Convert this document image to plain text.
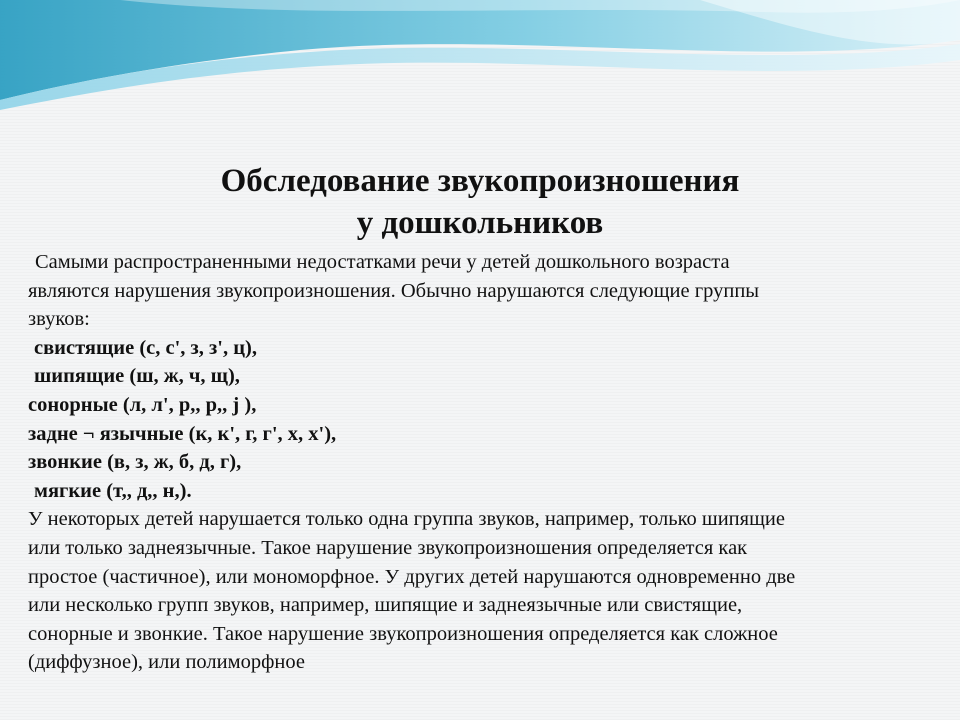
Обследование звукопроизношения
у дошкольников
Самыми распространенными недостатками речи у детей дошкольного возраста
являются нарушения звукопроизношения. Обычно нарушаются следующие группы
звуков:
свистящие (с, с', з, з', ц),
шипящие (ш, ж, ч, щ),
сонорные (л, л', р,, р,, j ),
задне ¬ язычные (к, к', г, г', х, х'),
звонкие (в, з, ж, б, д, г),
мягкие (т,, д,, н,).
У некоторых детей нарушается только одна группа звуков, например, только шипящие
или только заднеязычные. Такое нарушение звукопроизношения определяется как
простое (частичное), или мономорфное. У других детей нарушаются одновременно две
или несколько групп звуков, например, шипящие и заднеязычные или свистящие,
сонорные и звонкие. Такое нарушение звукопроизношения определяется как сложное
(диффузное), или полиморфное
